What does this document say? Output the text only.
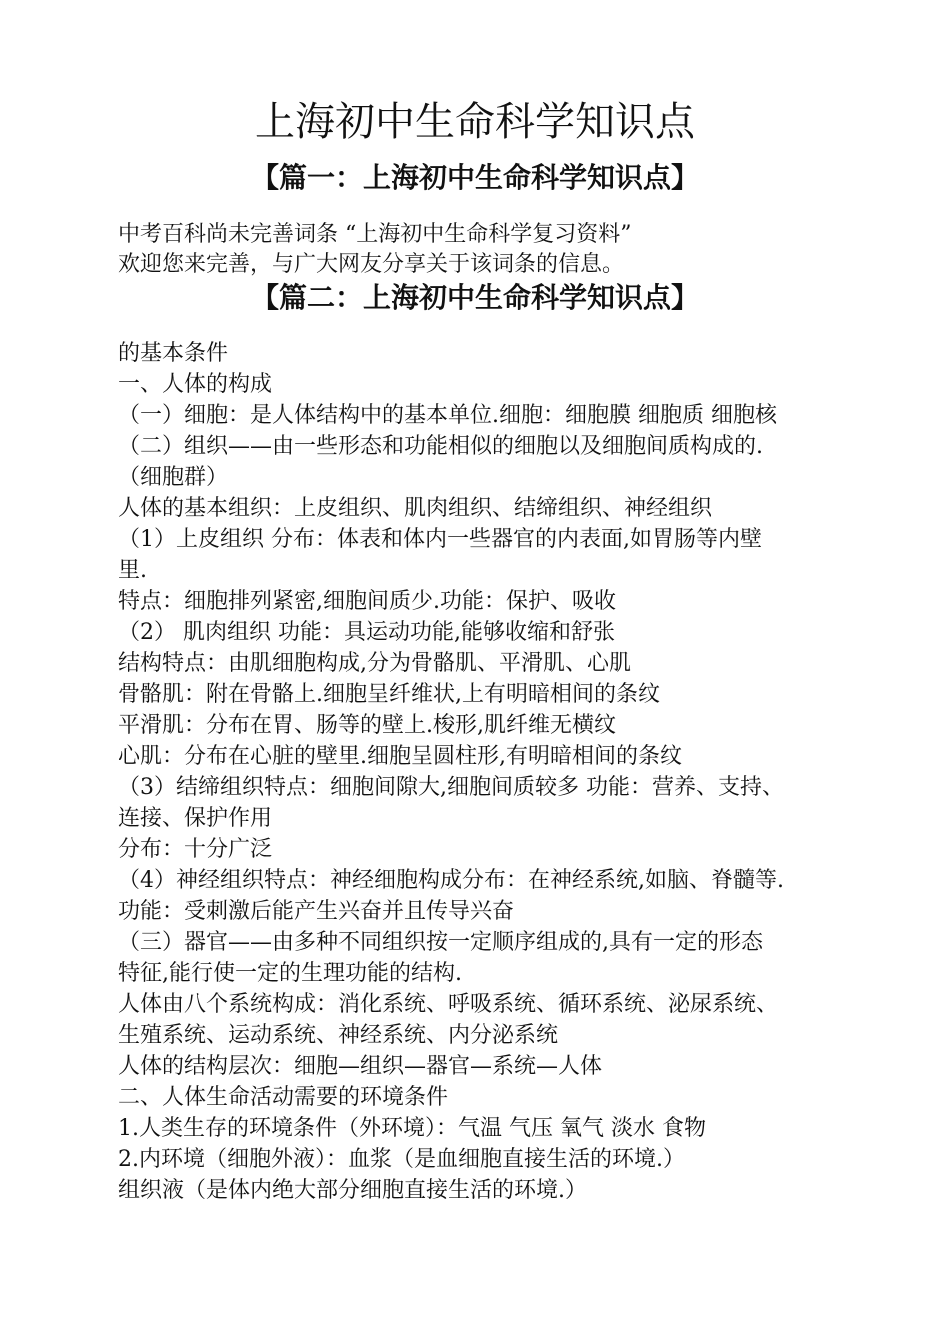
上海初中生命科学知识点
【篇一：上海初中生命科学知识点】
中考百科尚未完善词条 “上海初中生命科学复习资料”
欢迎您来完善，与广大网友分享关于该词条的信息。
【篇二：上海初中生命科学知识点】
的基本条件
一、人体的构成
（一）细胞：是人体结构中的基本单位.细胞：细胞膜 细胞质 细胞核
（二）组织——由一些形态和功能相似的细胞以及细胞间质构成的.
（细胞群）
人体的基本组织：上皮组织、肌肉组织、结缔组织、神经组织
（1）上皮组织 分布：体表和体内一些器官的内表面,如胃肠等内壁
里.
特点：细胞排列紧密,细胞间质少.功能：保护、吸收
（2） 肌肉组织 功能：具运动功能,能够收缩和舒张
结构特点：由肌细胞构成,分为骨骼肌、平滑肌、心肌
骨骼肌：附在骨骼上.细胞呈纤维状,上有明暗相间的条纹
平滑肌：分布在胃、肠等的壁上.梭形,肌纤维无横纹
心肌：分布在心脏的壁里.细胞呈圆柱形,有明暗相间的条纹
（3）结缔组织特点：细胞间隙大,细胞间质较多 功能：营养、支持、
连接、保护作用
分布：十分广泛
（4）神经组织特点：神经细胞构成分布：在神经系统,如脑、脊髓等.
功能：受刺激后能产生兴奋并且传导兴奋
（三）器官——由多种不同组织按一定顺序组成的,具有一定的形态
特征,能行使一定的生理功能的结构.
人体由八个系统构成：消化系统、呼吸系统、循环系统、泌尿系统、
生殖系统、运动系统、神经系统、内分泌系统
人体的结构层次：细胞—组织—器官—系统—人体
二、人体生命活动需要的环境条件
1.人类生存的环境条件（外环境）：气温 气压 氧气 淡水 食物
2.内环境（细胞外液）：血浆（是血细胞直接生活的环境.）
组织液（是体内绝大部分细胞直接生活的环境.）
